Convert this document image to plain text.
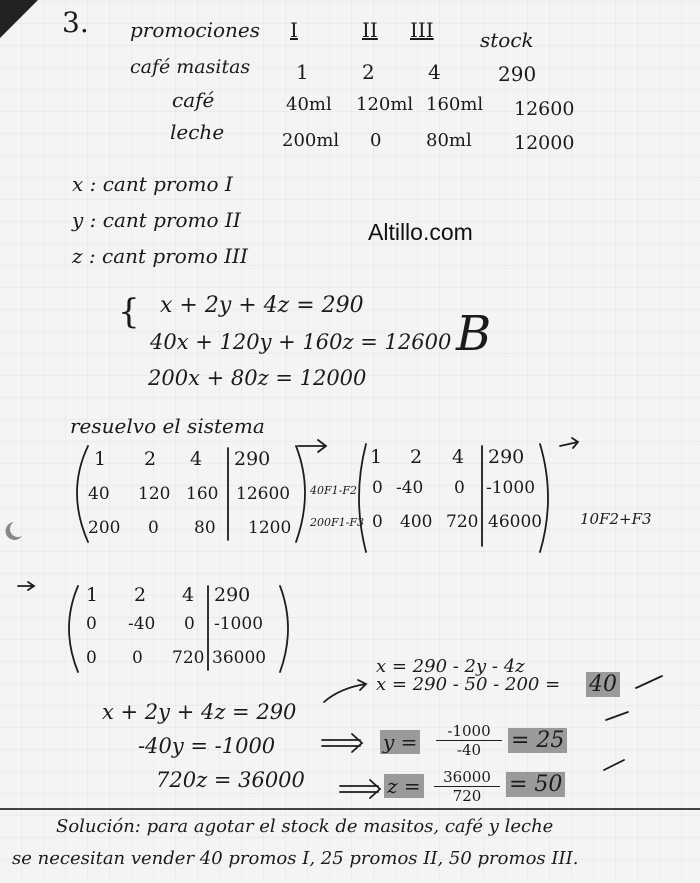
3. promociones I	II III stock
café masitas 1	2	4	290
café	40ml 120ml 160ml 12600
leche	200ml 0 80ml 12000
x : cant promo I
y : cant promo II
z : cant promo III
Altillo.com
{ x + 2y + 4z = 290
40x + 120y + 160z = 12600
200x + 80z = 12000
B
resuelvo el sistema
1 2 4 290
40 120 160 12600
200 0 80 1200
40F1-F2
200F1-F3
1 2 4 290
0 -40 0 -1000
0 400 720 46000	10F2+F3
1 2 4 290
0 -40 0 -1000
0 0 720 36000	x = 290 - 2y - 4z
x = 290 - 50 - 200 = 40
x + 2y + 4z = 290
-40y = -1000
720z = 36000
$y = \frac{-1000}{-40} = 25$
$z = \frac{36000}{720} = 50$
Solución: para agotar el stock de masitos, café y leche
se necesitan vender 40 promos I, 25 promos II, 50 promos III.
